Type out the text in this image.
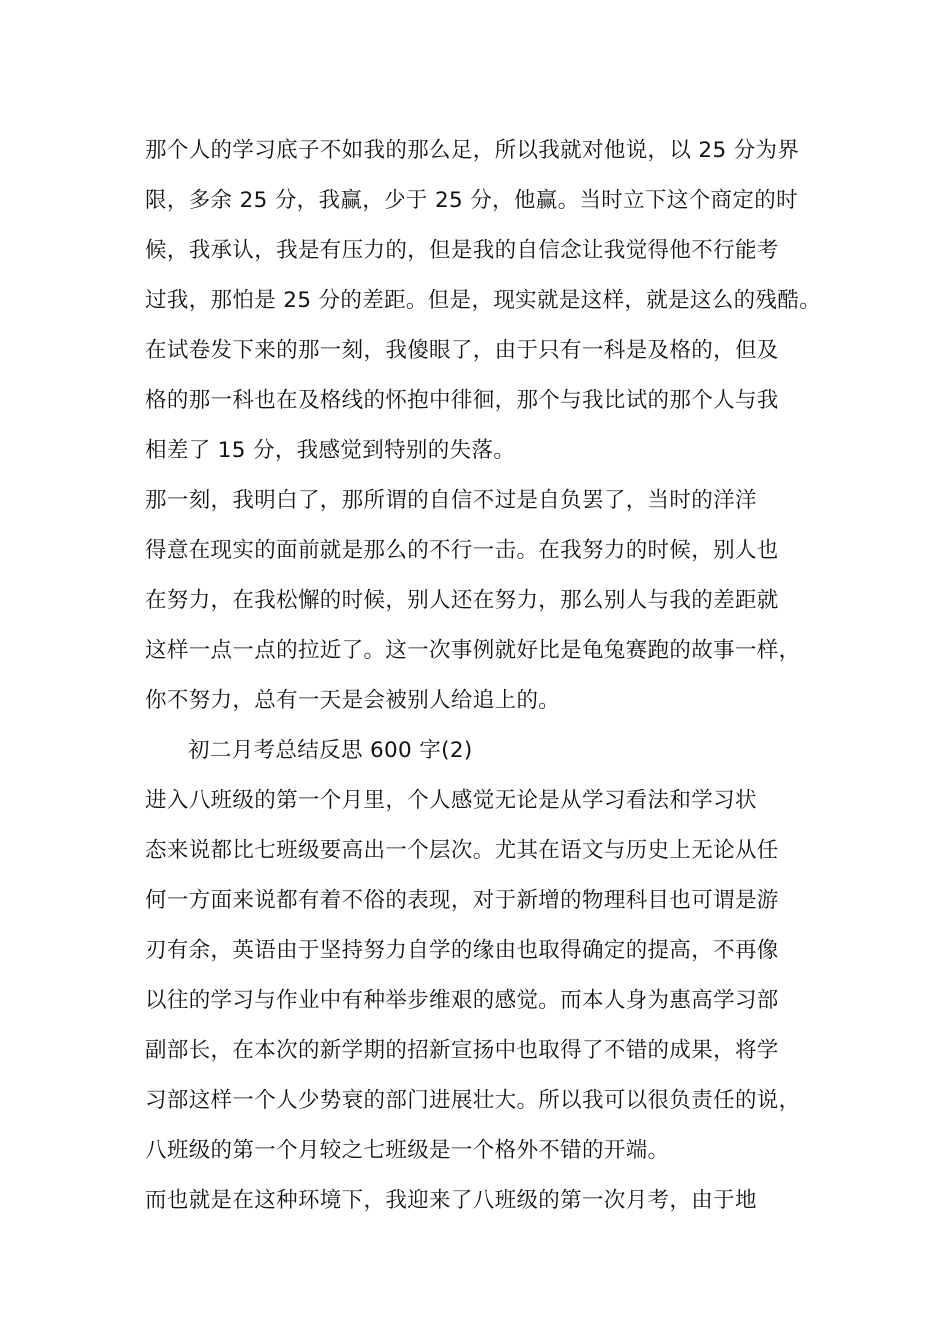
那个人的学习底子不如我的那么足，所以我就对他说，以 25 分为界
限，多余 25 分，我赢，少于 25 分，他赢。当时立下这个商定的时
候，我承认，我是有压力的，但是我的自信念让我觉得他不行能考
过我，那怕是 25 分的差距。但是，现实就是这样，就是这么的残酷。
在试卷发下来的那一刻，我傻眼了，由于只有一科是及格的，但及
格的那一科也在及格线的怀抱中徘徊，那个与我比试的那个人与我
相差了 15 分，我感觉到特别的失落。
那一刻，我明白了，那所谓的自信不过是自负罢了，当时的洋洋
得意在现实的面前就是那么的不行一击。在我努力的时候，别人也
在努力，在我松懈的时候，别人还在努力，那么别人与我的差距就
这样一点一点的拉近了。这一次事例就好比是龟兔赛跑的故事一样，
你不努力，总有一天是会被别人给追上的。
初二月考总结反思 600 字(2)
进入八班级的第一个月里，个人感觉无论是从学习看法和学习状
态来说都比七班级要高出一个层次。尤其在语文与历史上无论从任
何一方面来说都有着不俗的表现，对于新增的物理科目也可谓是游
刃有余，英语由于坚持努力自学的缘由也取得确定的提高，不再像
以往的学习与作业中有种举步维艰的感觉。而本人身为惠高学习部
副部长，在本次的新学期的招新宣扬中也取得了不错的成果，将学
习部这样一个人少势衰的部门进展壮大。所以我可以很负责任的说，
八班级的第一个月较之七班级是一个格外不错的开端。
而也就是在这种环境下，我迎来了八班级的第一次月考，由于地
